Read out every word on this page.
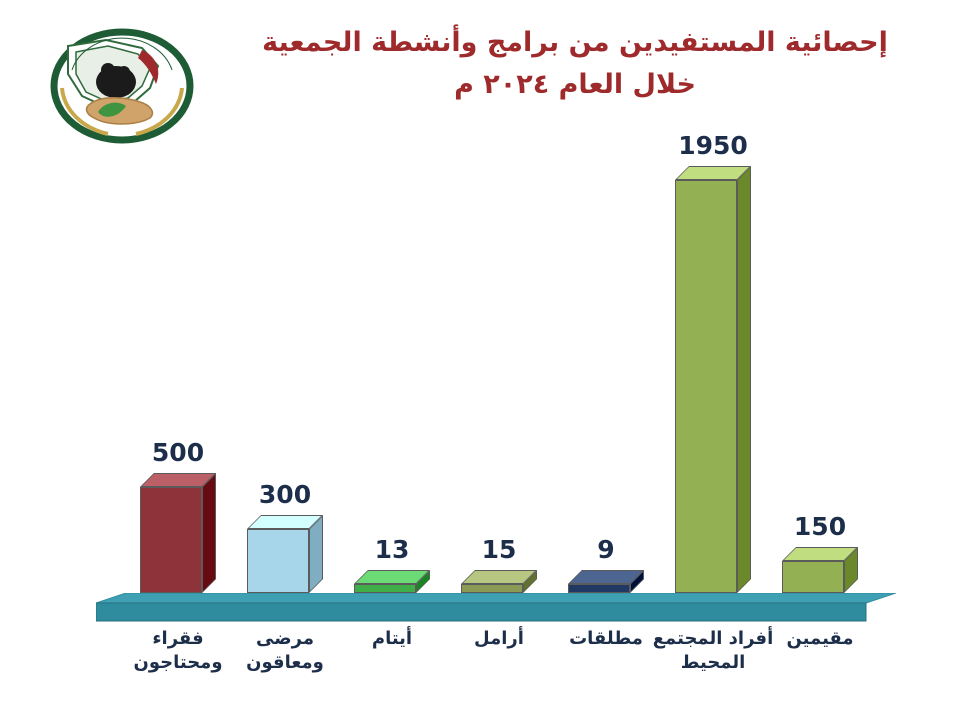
إحصائية المستفيدين من برامج وأنشطة الجمعية
خلال العام ٢٠٢٤ م
500
300
13	15	9
1950
150
فقراء
ومحتاجون
مرضى
ومعاقون
أيتام	أرامل	مطلقات أفراد المجتمع
المحيط
مقيمين
